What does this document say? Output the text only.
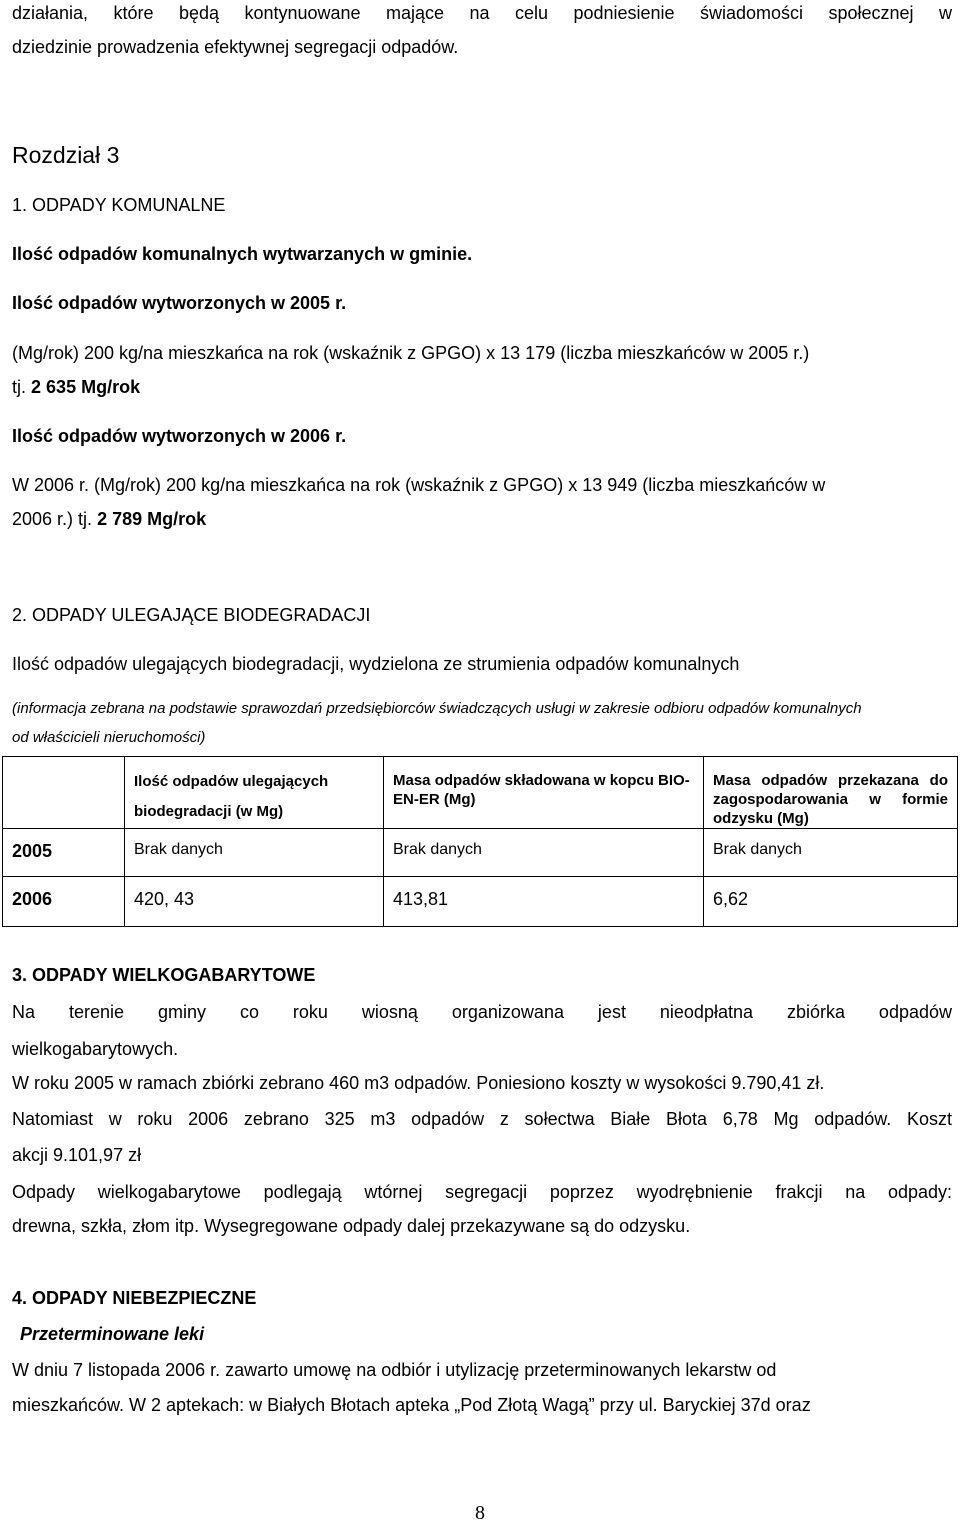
działania, które będą kontynuowane mające na celu podniesienie świadomości społecznej w
dziedzinie prowadzenia efektywnej segregacji odpadów.
Rozdział 3
1. ODPADY KOMUNALNE
Ilość odpadów komunalnych wytwarzanych w gminie.
Ilość odpadów wytworzonych w 2005 r.
(Mg/rok) 200 kg/na mieszkańca na rok (wskaźnik z GPGO) x 13 179 (liczba mieszkańców w 2005 r.)
tj. 2 635 Mg/rok
Ilość odpadów wytworzonych w 2006 r.
W 2006 r. (Mg/rok) 200 kg/na mieszkańca na rok (wskaźnik z GPGO) x 13 949 (liczba mieszkańców w
2006 r.) tj. 2 789 Mg/rok
2. ODPADY ULEGAJĄCE BIODEGRADACJI
Ilość odpadów ulegających biodegradacji, wydzielona ze strumienia odpadów komunalnych
(informacja zebrana na podstawie sprawozdań przedsiębiorców świadczących usługi w zakresie odbioru odpadów komunalnych
od właścicieli nieruchomości)

	Ilość odpadów ulegających biodegradacji (w Mg)	Masa odpadów składowana w kopcu BIO-EN-ER (Mg)	Masa odpadów przekazana do zagospodarowania w formie odzysku (Mg)

2005	Brak danych	Brak danych	Brak danych
2006	420, 43	413,81	6,62
3. ODPADY WIELKOGABARYTOWE
Na terenie gminy co roku wiosną organizowana jest nieodpłatna zbiórka odpadów
wielkogabarytowych.
W roku 2005 w ramach zbiórki zebrano 460 m3 odpadów. Poniesiono koszty w wysokości 9.790,41 zł.
Natomiast w roku 2006 zebrano 325 m3 odpadów z sołectwa Białe Błota 6,78 Mg odpadów. Koszt
akcji 9.101,97 zł
Odpady wielkogabarytowe podlegają wtórnej segregacji poprzez wyodrębnienie frakcji na odpady:
drewna, szkła, złom itp. Wysegregowane odpady dalej przekazywane są do odzysku.
4. ODPADY NIEBEZPIECZNE
Przeterminowane leki
W dniu 7 listopada 2006 r. zawarto umowę na odbiór i utylizację przeterminowanych lekarstw od
mieszkańców. W 2 aptekach: w Białych Błotach apteka „Pod Złotą Wagą” przy ul. Baryckiej 37d oraz
8
